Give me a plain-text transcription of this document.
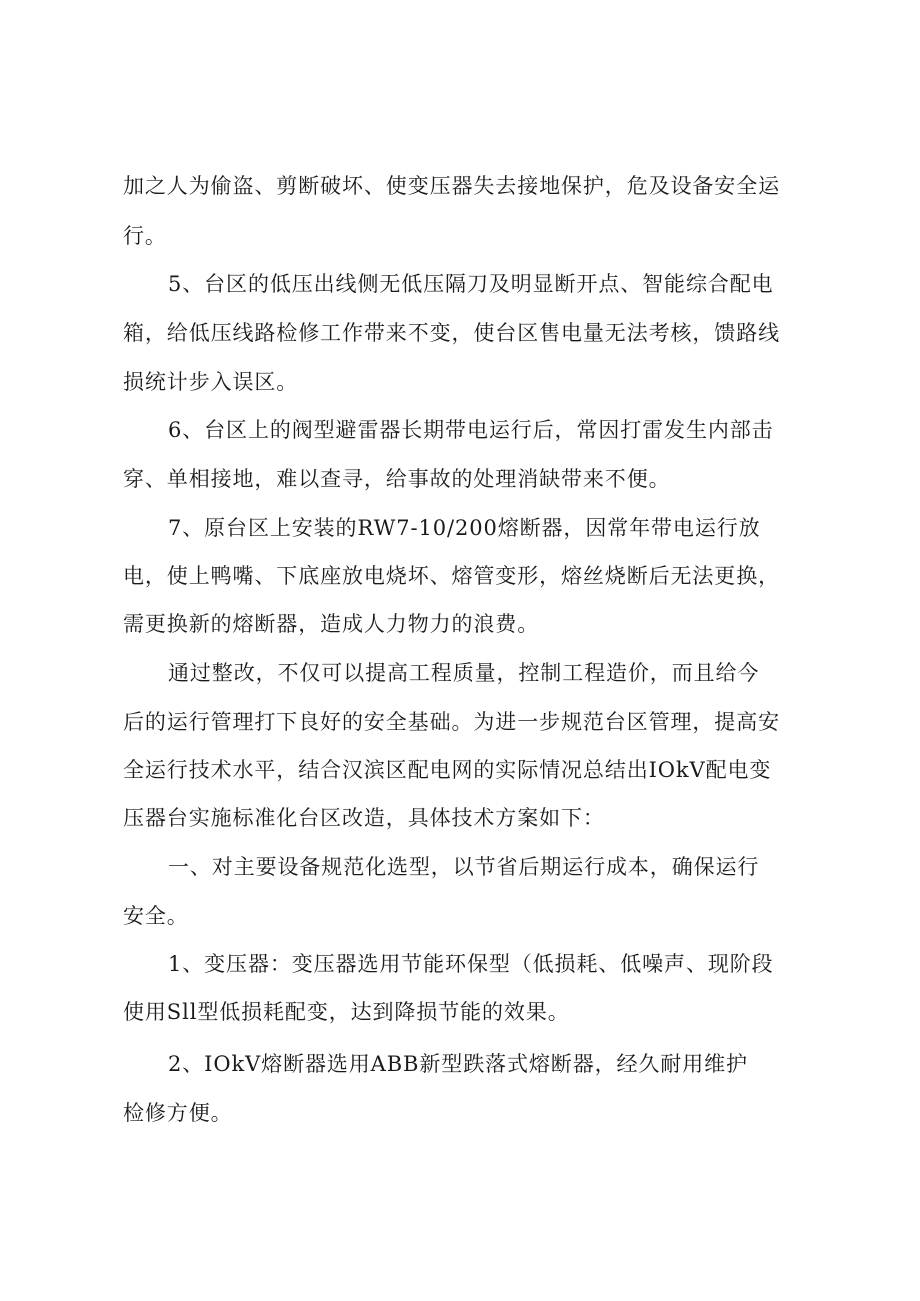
加之人为偷盗、剪断破坏、使变压器失去接地保护，危及设备安全运
行。
5、台区的低压出线侧无低压隔刀及明显断开点、智能综合配电
箱，给低压线路检修工作带来不变，使台区售电量无法考核，馈路线
损统计步入误区。
6、台区上的阀型避雷器长期带电运行后，常因打雷发生内部击
穿、单相接地，难以查寻，给事故的处理消缺带来不便。
7、原台区上安装的RW7-10/200熔断器，因常年带电运行放
电，使上鸭嘴、下底座放电烧坏、熔管变形，熔丝烧断后无法更换，
需更换新的熔断器，造成人力物力的浪费。
通过整改，不仅可以提高工程质量，控制工程造价，而且给今
后的运行管理打下良好的安全基础。为进一步规范台区管理，提高安
全运行技术水平，结合汉滨区配电网的实际情况总结出IOkV配电变
压器台实施标准化台区改造，具体技术方案如下：
一、对主要设备规范化选型，以节省后期运行成本，确保运行
安全。
1、变压器：变压器选用节能环保型（低损耗、低噪声、现阶段
使用Sll型低损耗配变，达到降损节能的效果。
2、IOkV熔断器选用ABB新型跌落式熔断器，经久耐用维护
检修方便。
